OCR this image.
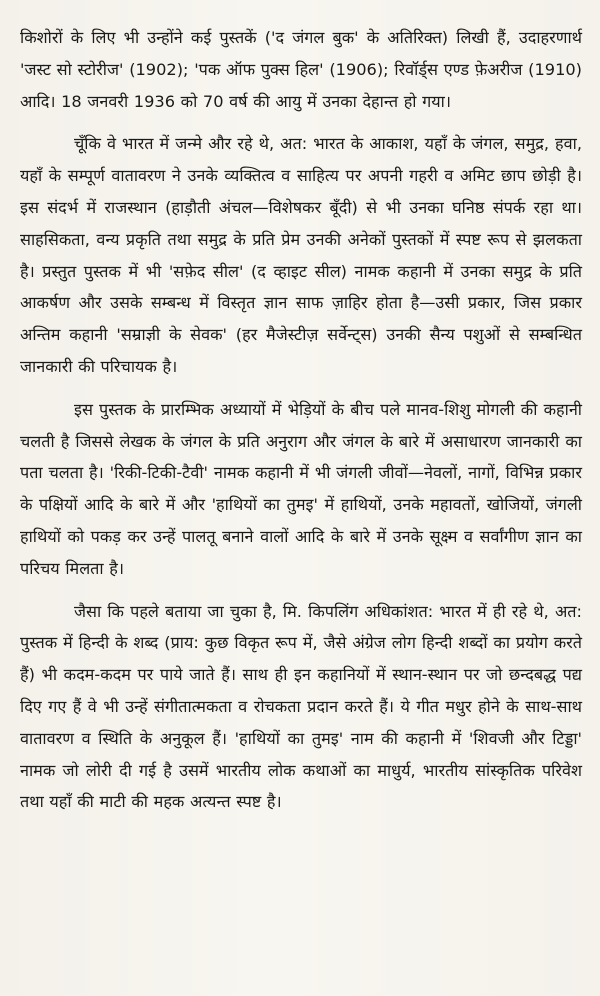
किशोरों के लिए भी उन्होंने कई पुस्तकें ('द जंगल बुक' के अतिरिक्त) लिखी हैं, उदाहरणार्थ 'जस्ट सो स्टोरीज' (1902); 'पक ऑफ पुक्स हिल' (1906); रिवॉर्ड्स एण्ड फ़ेअरीज (1910) आदि। 18 जनवरी 1936 को 70 वर्ष की आयु में उनका देहान्त हो गया।

चूँकि वे भारत में जन्मे और रहे थे, अत: भारत के आकाश, यहाँ के जंगल, समुद्र, हवा, यहाँ के सम्पूर्ण वातावरण ने उनके व्यक्तित्व व साहित्य पर अपनी गहरी व अमिट छाप छोड़ी है। इस संदर्भ में राजस्थान (हाड़ौती अंचल—विशेषकर बूँदी) से भी उनका घनिष्ठ संपर्क रहा था। साहसिकता, वन्य प्रकृति तथा समुद्र के प्रति प्रेम उनकी अनेकों पुस्तकों में स्पष्ट रूप से झलकता है। प्रस्तुत पुस्तक में भी 'सफ़ेद सील' (द व्हाइट सील) नामक कहानी में उनका समुद्र के प्रति आकर्षण और उसके सम्बन्ध में विस्तृत ज्ञान साफ ज़ाहिर होता है—उसी प्रकार, जिस प्रकार अन्तिम कहानी 'सम्राज्ञी के सेवक' (हर मैजेस्टीज़ सर्वेन्ट्स) उनकी सैन्य पशुओं से सम्बन्धित जानकारी की परिचायक है।

इस पुस्तक के प्रारम्भिक अध्यायों में भेड़ियों के बीच पले मानव-शिशु मोगली की कहानी चलती है जिससे लेखक के जंगल के प्रति अनुराग और जंगल के बारे में असाधारण जानकारी का पता चलता है। 'रिकी-टिकी-टैवी' नामक कहानी में भी जंगली जीवों—नेवलों, नागों, विभिन्न प्रकार के पक्षियों आदि के बारे में और 'हाथियों का तुमइ' में हाथियों, उनके महावतों, खोजियों, जंगली हाथियों को पकड़ कर उन्हें पालतू बनाने वालों आदि के बारे में उनके सूक्ष्म व सर्वांगीण ज्ञान का परिचय मिलता है।

जैसा कि पहले बताया जा चुका है, मि. किपलिंग अधिकांशत: भारत में ही रहे थे, अत: पुस्तक में हिन्दी के शब्द (प्राय: कुछ विकृत रूप में, जैसे अंग्रेज लोग हिन्दी शब्दों का प्रयोग करते हैं) भी कदम-कदम पर पाये जाते हैं। साथ ही इन कहानियों में स्थान-स्थान पर जो छन्दबद्ध पद्य दिए गए हैं वे भी उन्हें संगीतात्मकता व रोचकता प्रदान करते हैं। ये गीत मधुर होने के साथ-साथ वातावरण व स्थिति के अनुकूल हैं। 'हाथियों का तुमइ' नाम की कहानी में 'शिवजी और टिड्डा' नामक जो लोरी दी गई है उसमें भारतीय लोक कथाओं का माधुर्य, भारतीय सांस्कृतिक परिवेश तथा यहाँ की माटी की महक अत्यन्त स्पष्ट है।
